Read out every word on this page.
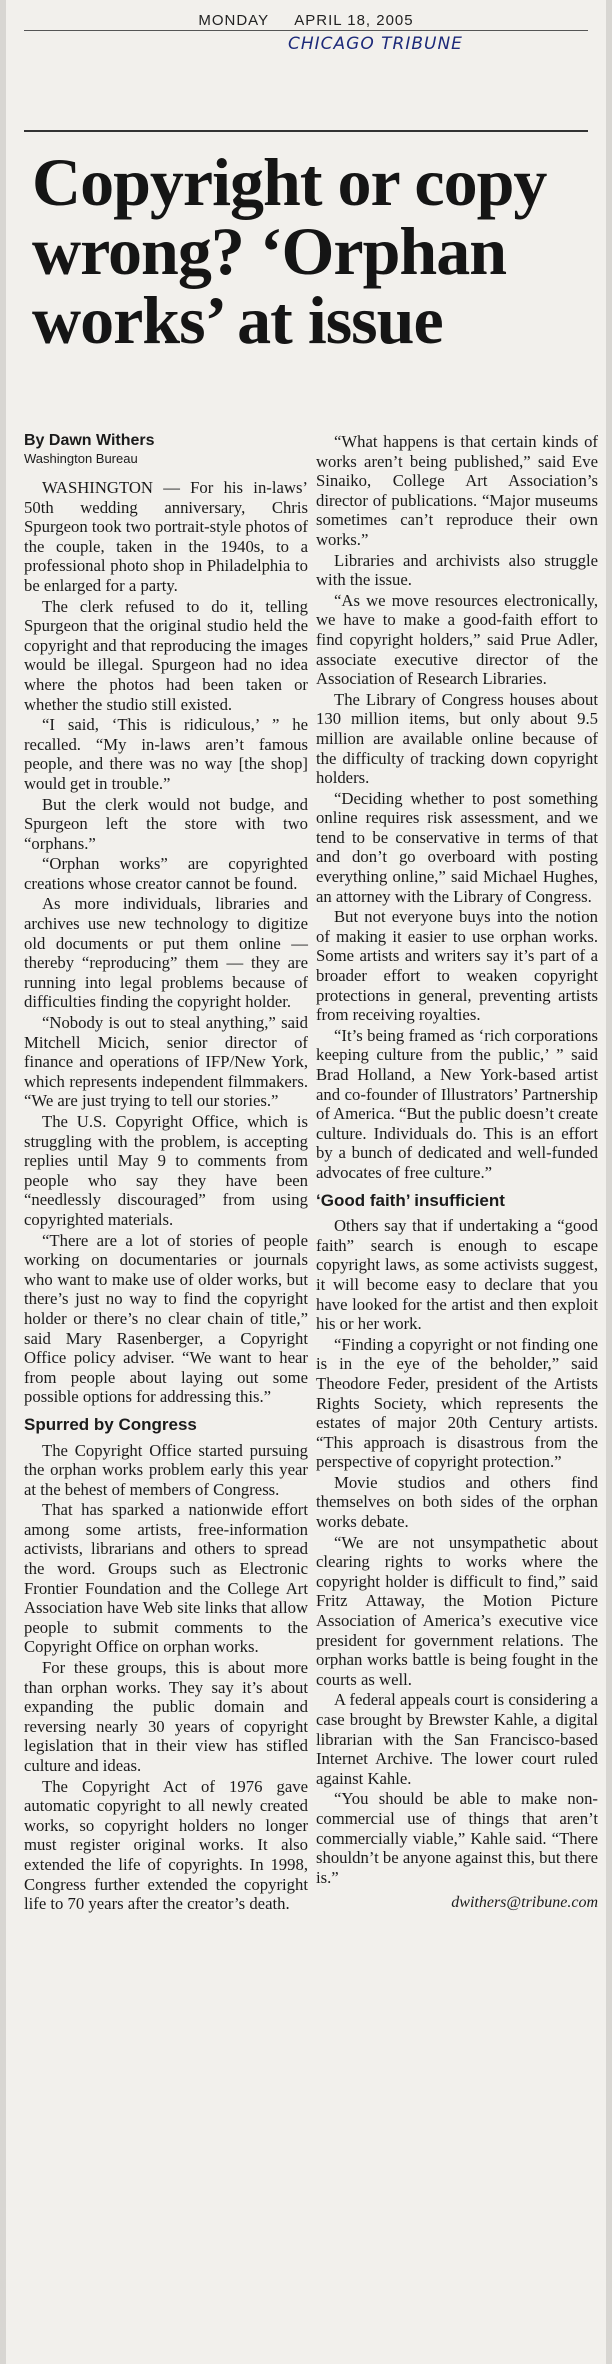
MONDAY APRIL 18, 2005
CHICAGO TRIBUNE
Copyright or copy wrong? ‘Orphan works’ at issue
By Dawn Withers
Washington Bureau

WASHINGTON — For his in-laws’ 50th wedding anniversary, Chris Spurgeon took two portrait-style photos of the couple, taken in the 1940s, to a professional photo shop in Philadelphia to be enlarged for a party.

The clerk refused to do it, telling Spurgeon that the original studio held the copyright and that reproducing the images would be illegal. Spurgeon had no idea where the photos had been taken or whether the studio still existed.

“I said, ‘This is ridiculous,’ ” he recalled. “My in-laws aren’t famous people, and there was no way [the shop] would get in trouble.”

But the clerk would not budge, and Spurgeon left the store with two “orphans.”

“Orphan works” are copyrighted creations whose creator cannot be found.

As more individuals, libraries and archives use new technology to digitize old documents or put them online — thereby “reproducing” them — they are running into legal problems because of difficulties finding the copyright holder.

“Nobody is out to steal anything,” said Mitchell Micich, senior director of finance and operations of IFP/New York, which represents independent filmmakers. “We are just trying to tell our stories.”

The U.S. Copyright Office, which is struggling with the problem, is accepting replies until May 9 to comments from people who say they have been “needlessly discouraged” from using copyrighted materials.

“There are a lot of stories of people working on documentaries or journals who want to make use of older works, but there’s just no way to find the copyright holder or there’s no clear chain of title,” said Mary Rasenberger, a Copyright Office policy adviser. “We want to hear from people about laying out some possible options for addressing this.”

Spurred by Congress

The Copyright Office started pursuing the orphan works problem early this year at the behest of members of Congress.

That has sparked a nationwide effort among some artists, free-information activists, librarians and others to spread the word. Groups such as Electronic Frontier Foundation and the College Art Association have Web site links that allow people to submit comments to the Copyright Office on orphan works.

For these groups, this is about more than orphan works. They say it’s about expanding the public domain and reversing nearly 30 years of copyright legislation that in their view has stifled culture and ideas.

The Copyright Act of 1976 gave automatic copyright to all newly created works, so copyright holders no longer must register original works. It also extended the life of copyrights. In 1998, Congress further extended the copyright life to 70 years after the creator’s death.

“What happens is that certain kinds of works aren’t being published,” said Eve Sinaiko, College Art Association’s director of publications. “Major museums sometimes can’t reproduce their own works.”

Libraries and archivists also struggle with the issue.

“As we move resources electronically, we have to make a good-faith effort to find copyright holders,” said Prue Adler, associate executive director of the Association of Research Libraries.

The Library of Congress houses about 130 million items, but only about 9.5 million are available online because of the difficulty of tracking down copyright holders.

“Deciding whether to post something online requires risk assessment, and we tend to be conservative in terms of that and don’t go overboard with posting everything online,” said Michael Hughes, an attorney with the Library of Congress.

But not everyone buys into the notion of making it easier to use orphan works. Some artists and writers say it’s part of a broader effort to weaken copyright protections in general, preventing artists from receiving royalties.

“It’s being framed as ‘rich corporations keeping culture from the public,’ ” said Brad Holland, a New York-based artist and co-founder of Illustrators’ Partnership of America. “But the public doesn’t create culture. Individuals do. This is an effort by a bunch of dedicated and well-funded advocates of free culture.”

‘Good faith’ insufficient

Others say that if undertaking a “good faith” search is enough to escape copyright laws, as some activists suggest, it will become easy to declare that you have looked for the artist and then exploit his or her work.

“Finding a copyright or not finding one is in the eye of the beholder,” said Theodore Feder, president of the Artists Rights Society, which represents the estates of major 20th Century artists. “This approach is disastrous from the perspective of copyright protection.”

Movie studios and others find themselves on both sides of the orphan works debate.

“We are not unsympathetic about clearing rights to works where the copyright holder is difficult to find,” said Fritz Attaway, the Motion Picture Association of America’s executive vice president for government relations. The orphan works battle is being fought in the courts as well.

A federal appeals court is considering a case brought by Brewster Kahle, a digital librarian with the San Francisco-based Internet Archive. The lower court ruled against Kahle.

“You should be able to make non-commercial use of things that aren’t commercially viable,” Kahle said. “There shouldn’t be anyone against this, but there is.”

dwithers@tribune.com
